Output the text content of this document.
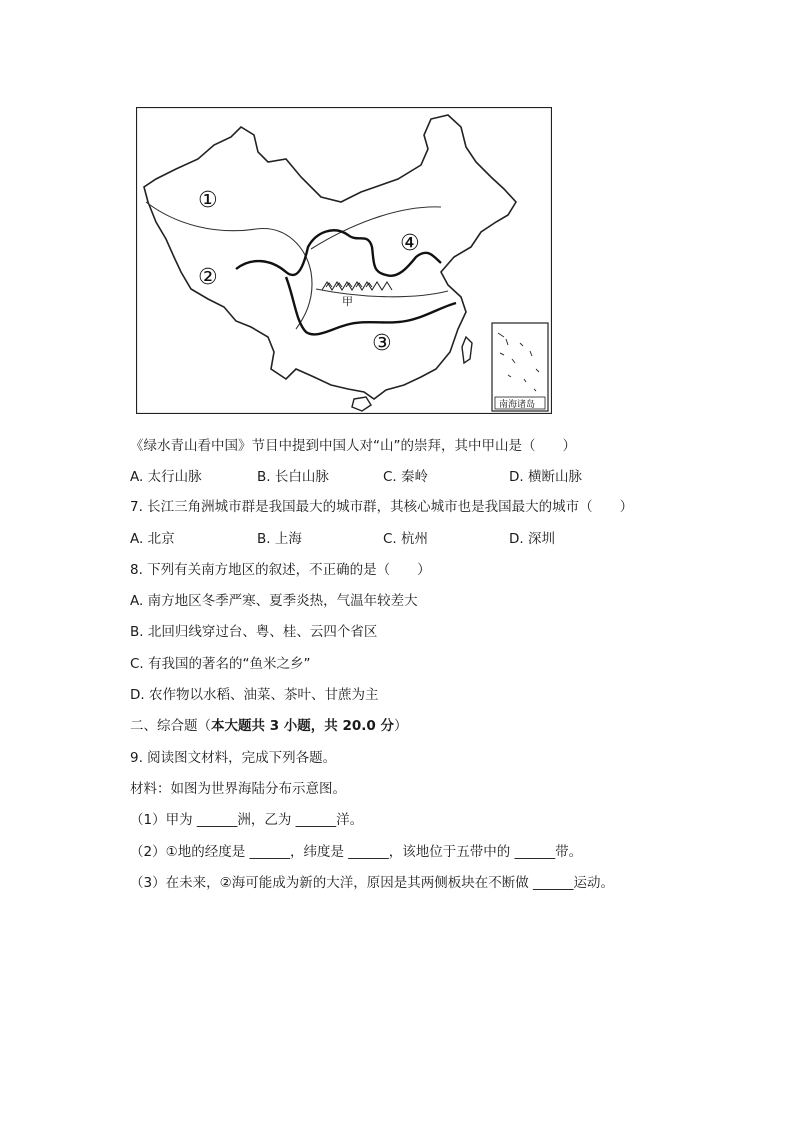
①
②
③
④
甲
南海诸岛
《绿水青山看中国》节目中提到中国人对“山”的崇拜，其中甲山是（　　）
A. 太行山脉	B. 长白山脉	C. 秦岭	D. 横断山脉
7. 长江三角洲城市群是我国最大的城市群，其核心城市也是我国最大的城市（　　）
A. 北京	B. 上海	C. 杭州	D. 深圳
8. 下列有关南方地区的叙述，不正确的是（　　）
A. 南方地区冬季严寒、夏季炎热，气温年较差大
B. 北回归线穿过台、粤、桂、云四个省区
C. 有我国的著名的“鱼米之乡”
D. 农作物以水稻、油菜、茶叶、甘蔗为主
二、综合题（本大题共 3 小题，共 20.0 分）
9. 阅读图文材料，完成下列各题。
材料：如图为世界海陆分布示意图。
（1）甲为 ______洲，乙为 ______洋。
（2）①地的经度是 ______，纬度是 ______，该地位于五带中的 ______带。
（3）在未来，②海可能成为新的大洋，原因是其两侧板块在不断做 ______运动。
